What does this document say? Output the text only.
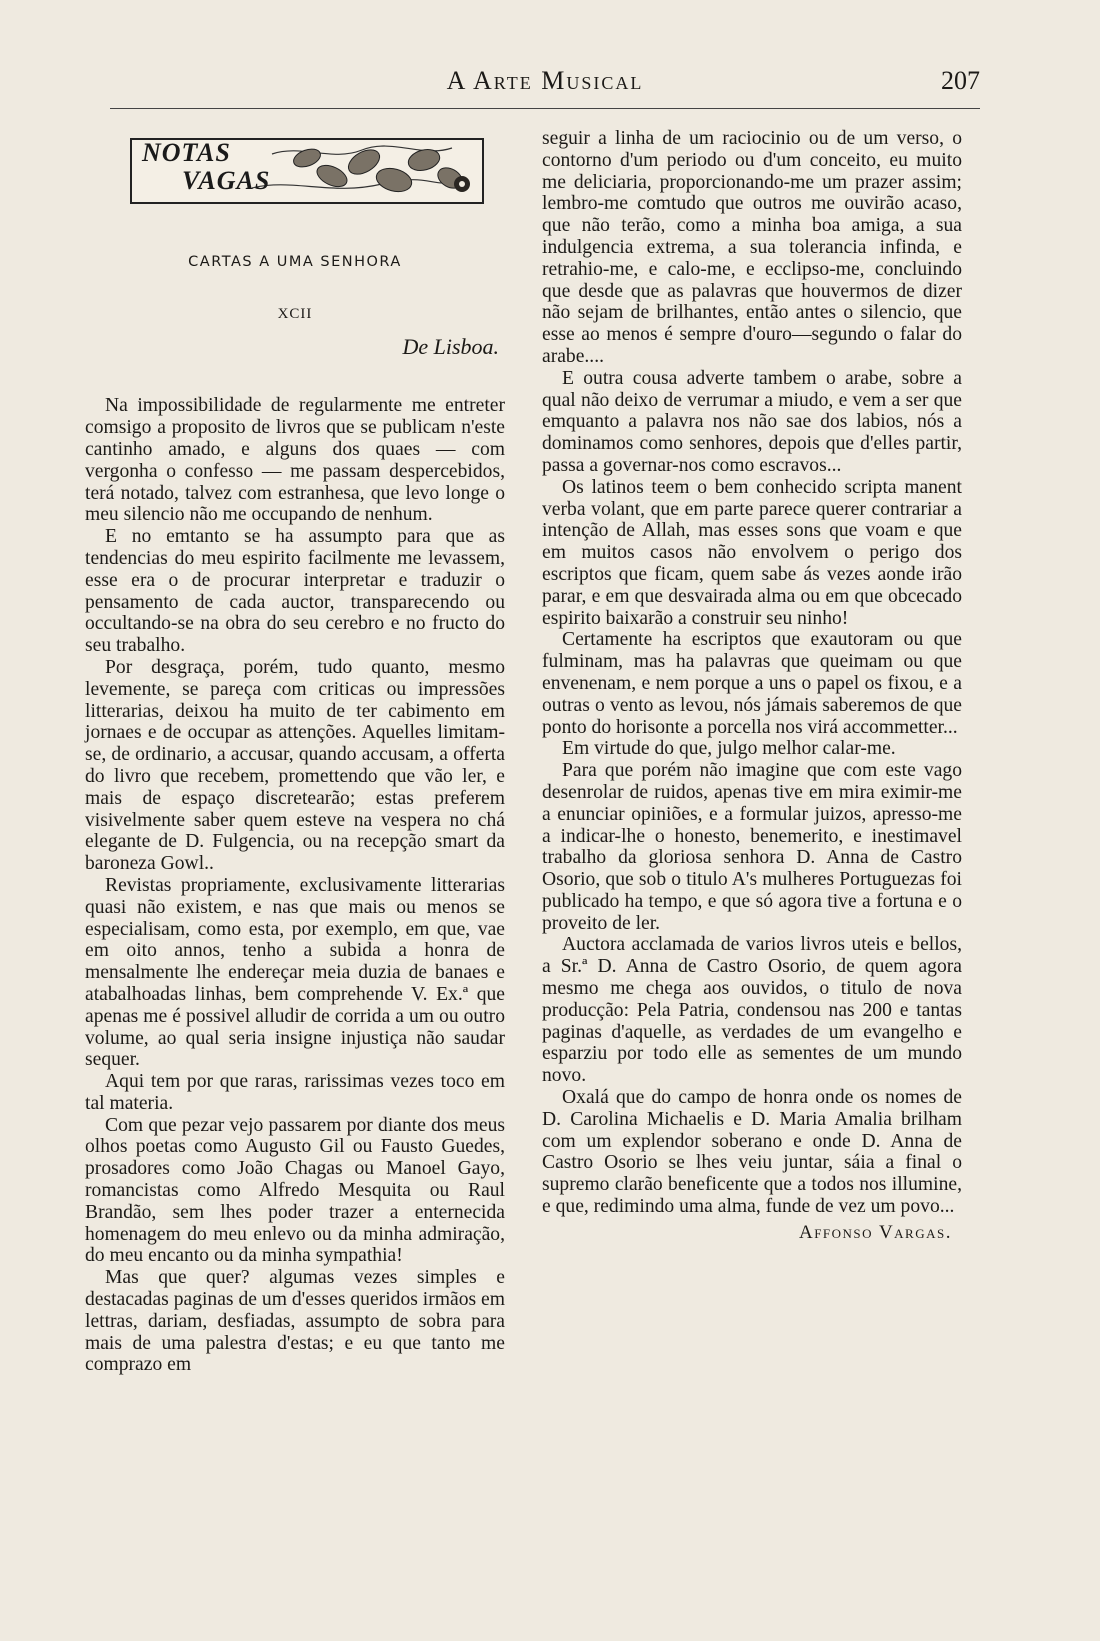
A Arte Musical	207
NOTAS
VAGAS
CARTAS A UMA SENHORA
XCII
De Lisboa.

Na impossibilidade de regularmente me entreter comsigo a proposito de livros que se publicam n'este cantinho amado, e alguns dos quaes — com vergonha o confesso — me passam despercebidos, terá notado, talvez com estranhesa, que levo longe o meu silencio não me occupando de nenhum.

E no emtanto se ha assumpto para que as tendencias do meu espirito facilmente me levassem, esse era o de procurar interpretar e traduzir o pensamento de cada auctor, transparecendo ou occultando-se na obra do seu cerebro e no fructo do seu trabalho.

Por desgraça, porém, tudo quanto, mesmo levemente, se pareça com criticas ou impressões litterarias, deixou ha muito de ter cabimento em jornaes e de occupar as attenções. Aquelles limitam-se, de ordinario, a accusar, quando accusam, a offerta do livro que recebem, promettendo que vão ler, e mais de espaço discretearão; estas preferem visivelmente saber quem esteve na vespera no chá elegante de D. Fulgencia, ou na recepção smart da baroneza Gowl..

Revistas propriamente, exclusivamente litterarias quasi não existem, e nas que mais ou menos se especialisam, como esta, por exemplo, em que, vae em oito annos, tenho a subida a honra de mensalmente lhe endereçar meia duzia de banaes e atabalhoadas linhas, bem comprehende V. Ex.ª que apenas me é possivel alludir de corrida a um ou outro volume, ao qual seria insigne injustiça não saudar sequer.

Aqui tem por que raras, rarissimas vezes toco em tal materia.

Com que pezar vejo passarem por diante dos meus olhos poetas como Augusto Gil ou Fausto Guedes, prosadores como João Chagas ou Manoel Gayo, romancistas como Alfredo Mesquita ou Raul Brandão, sem lhes poder trazer a enternecida homenagem do meu enlevo ou da minha admiração, do meu encanto ou da minha sympathia!

Mas que quer? algumas vezes simples e destacadas paginas de um d'esses queridos irmãos em lettras, dariam, desfiadas, assumpto de sobra para mais de uma palestra d'estas; e eu que tanto me comprazo em

seguir a linha de um raciocinio ou de um verso, o contorno d'um periodo ou d'um conceito, eu muito me deliciaria, proporcionando-me um prazer assim; lembro-me comtudo que outros me ouvirão acaso, que não terão, como a minha boa amiga, a sua indulgencia extrema, a sua tolerancia infinda, e retrahio-me, e calo-me, e ecclipso-me, concluindo que desde que as palavras que houvermos de dizer não sejam de brilhantes, então antes o silencio, que esse ao menos é sempre d'ouro—segundo o falar do arabe....

E outra cousa adverte tambem o arabe, sobre a qual não deixo de verrumar a miudo, e vem a ser que emquanto a palavra nos não sae dos labios, nós a dominamos como senhores, depois que d'elles partir, passa a governar-nos como escravos...

Os latinos teem o bem conhecido scripta manent verba volant, que em parte parece querer contrariar a intenção de Allah, mas esses sons que voam e que em muitos casos não envolvem o perigo dos escriptos que ficam, quem sabe ás vezes aonde irão parar, e em que desvairada alma ou em que obcecado espirito baixarão a construir seu ninho!

Certamente ha escriptos que exautoram ou que fulminam, mas ha palavras que queimam ou que envenenam, e nem porque a uns o papel os fixou, e a outras o vento as levou, nós jámais saberemos de que ponto do horisonte a porcella nos virá accommetter...

Em virtude do que, julgo melhor calar-me.

Para que porém não imagine que com este vago desenrolar de ruidos, apenas tive em mira eximir-me a enunciar opiniões, e a formular juizos, apresso-me a indicar-lhe o honesto, benemerito, e inestimavel trabalho da gloriosa senhora D. Anna de Castro Osorio, que sob o titulo A's mulheres Portuguezas foi publicado ha tempo, e que só agora tive a fortuna e o proveito de ler.

Auctora acclamada de varios livros uteis e bellos, a Sr.ª D. Anna de Castro Osorio, de quem agora mesmo me chega aos ouvidos, o titulo de nova producção: Pela Patria, condensou nas 200 e tantas paginas d'aquelle, as verdades de um evangelho e esparziu por todo elle as sementes de um mundo novo.

Oxalá que do campo de honra onde os nomes de D. Carolina Michaelis e D. Maria Amalia brilham com um explendor soberano e onde D. Anna de Castro Osorio se lhes veiu juntar, sáia a final o supremo clarão beneficente que a todos nos illumine, e que, redimindo uma alma, funde de vez um povo...

Affonso Vargas.
